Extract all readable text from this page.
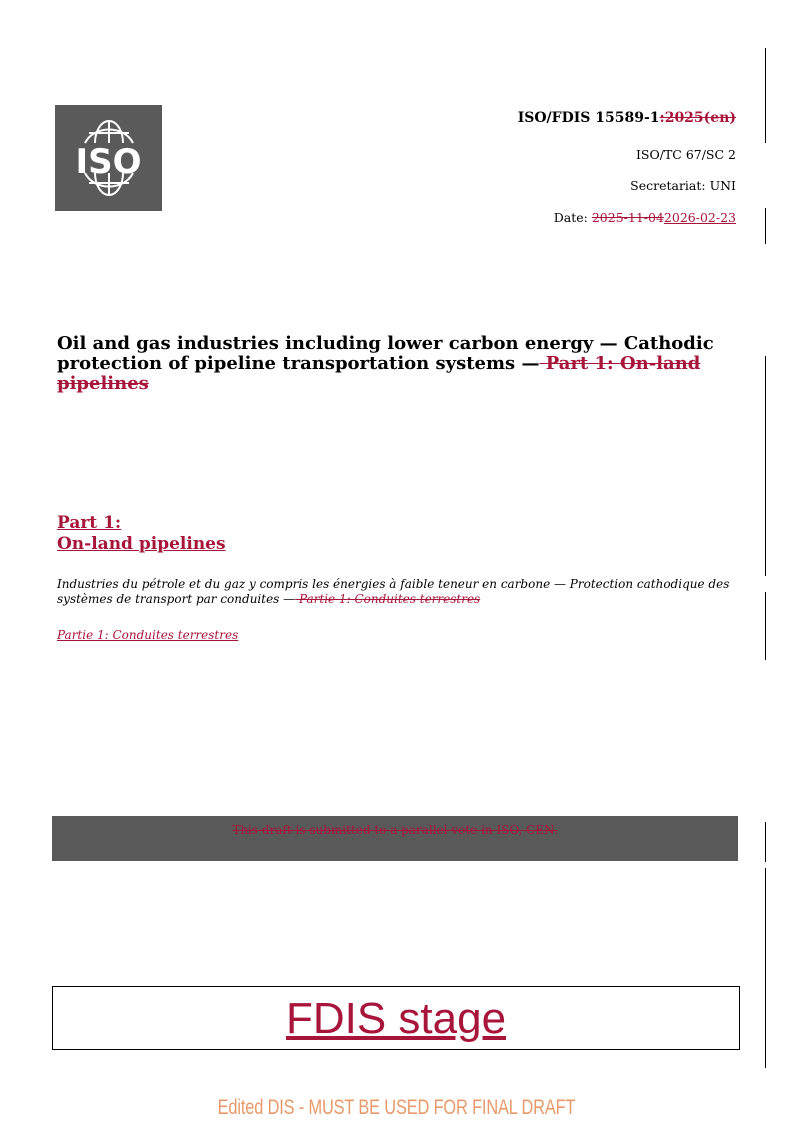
ISO
ISO/FDIS 15589-1:2025(en)
ISO/TC 67/SC 2
Secretariat: UNI
Date: 2025-11-042026-02-23
Oil and gas industries including lower carbon energy — Cathodic protection of pipeline transportation systems — Part 1: On-land pipelines
Part 1:
On-land pipelines
Industries du pétrole et du gaz y compris les énergies à faible teneur en carbone — Protection cathodique des systèmes de transport par conduites — Partie 1: Conduites terrestres
Partie 1: Conduites terrestres
This draft is submitted to a parallel vote in ISO, CEN.
FDIS stage
Edited DIS - MUST BE USED FOR FINAL DRAFT
